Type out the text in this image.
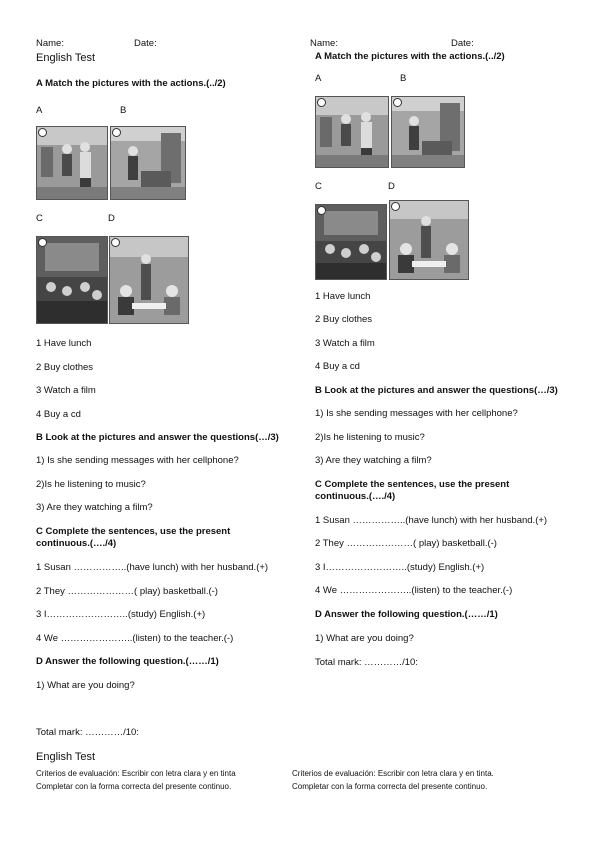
Name:	Date:
English Test
A Match the pictures with the actions.(../2)
A	B
C	D
1 Have lunch
2 Buy clothes
3 Watch a film
4 Buy a cd
B Look at the pictures and answer the questions(…/3)
1) Is she sending messages with her cellphone?
2)Is he listening to music?
3) Are they watching a film?
C Complete the sentences, use the present
continuous.(…./4)
1 Susan ……………..(have lunch) with her husband.(+)
2 They …………………( play) basketball.(-)
3 I……………………..(study) English.(+)
4 We …………………..(listen) to the teacher.(-)
D Answer the following question.(……/1)
1) What are you doing?
Total mark: …………/10:
Name:	Date:
A Match the pictures with the actions.(../2)
A	B
C	D
1 Have lunch
2 Buy clothes
3 Watch a film
4 Buy a cd
B Look at the pictures and answer the questions(…/3)
1) Is she sending messages with her cellphone?
2)Is he listening to music?
3) Are they watching a film?
C Complete the sentences, use the present
continuous.(…./4)
1 Susan ……………..(have lunch) with her husband.(+)
2 They …………………( play) basketball.(-)
3 I……………………..(study) English.(+)
4 We …………………..(listen) to the teacher.(-)
D Answer the following question.(……/1)
1) What are you doing?
Total mark: …………/10:
English Test
Criterios de evaluación: Escribir con letra clara y en tinta
Completar con la forma correcta del presente continuo.
Criterios de evaluación: Escribir con letra clara y en tinta.
Completar con la forma correcta del presente continuo.
